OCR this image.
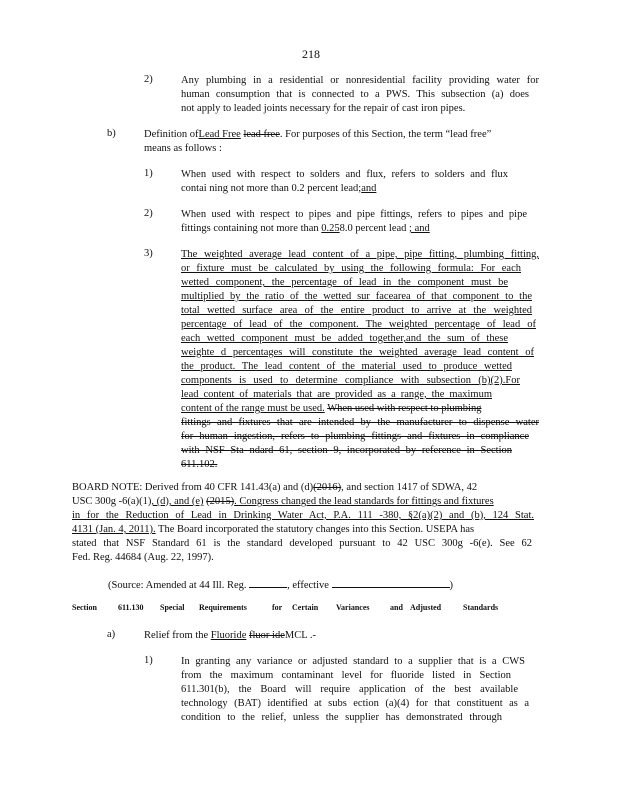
218
2)	Any plumbing in a residential or nonresidential facility providing water for
human consumption that is connected to a PWS. This subsection (a) does
not apply to leaded joints necessary for the repair of cast iron pipes.
b)	Definition ofLead Free lead free. For purposes of this Section, the term “lead free”
means as follows :
1)	When used with respect to solders and flux, refers to solders and flux
contai ning not more than 0.2 percent lead;and
2)	When used with respect to pipes and pipe fittings, refers to pipes and pipe
fittings containing not more than 0.258.0 percent lead ; and
3)	The weighted average lead content of a pipe, pipe fitting, plumbing fitting,
or fixture must be calculated by using the following formula: For each
wetted component, the percentage of lead in the component must be
multiplied by the ratio of the wetted sur facearea of that component to the
total wetted surface area of the entire product to arrive at the weighted
percentage of lead of the component. The weighted percentage of lead of
each wetted component must be added together,and the sum of these
weighte d percentages will constitute the weighted average lead content of
the product. The lead content of the material used to produce wetted
components is used to determine compliance with subsection (b)(2).For
lead content of materials that are provided as a range, the maximum
content of the range must be used. When used with respect to plumbing
fittings and fixtures that are intended by the manufacturer to dispense water
for human ingestion, refers to plumbing fittings and fixtures in compliance
with NSF Sta ndard 61, section 9, incorporated by reference in Section
611.102.
BOARD NOTE: Derived from 40 CFR 141.43(a) and (d)(2016), and section 1417 of SDWA, 42
USC 300g -6(a)(1), (d), and (e) (2015). Congress changed the lead standards for fittings and fixtures
in for the Reduction of Lead in Drinking Water Act, P.A. 111 -380, §2(a)(2) and (b), 124 Stat.
4131 (Jan. 4, 2011). The Board incorporated the statutory changes into this Section. USEPA has
stated that NSF Standard 61 is the standard developed pursuant to 42 USC 300g -6(e). See 62
Fed. Reg. 44684 (Aug. 22, 1997).
(Source: Amended at 44 Ill. Reg.	, effective	)
Section	611.130 Special Requirements	for Certain Variances	and Adjusted	Standards
a)	Relief from the Fluoride fluor ideMCL .-
1)	In granting any variance or adjusted standard to a supplier that is a CWS
from the maximum contaminant level for fluoride listed in Section
611.301(b), the Board will require application of the best available
technology (BAT) identified at subs ection (a)(4) for that constituent as a
condition to the relief, unless the supplier has demonstrated through
